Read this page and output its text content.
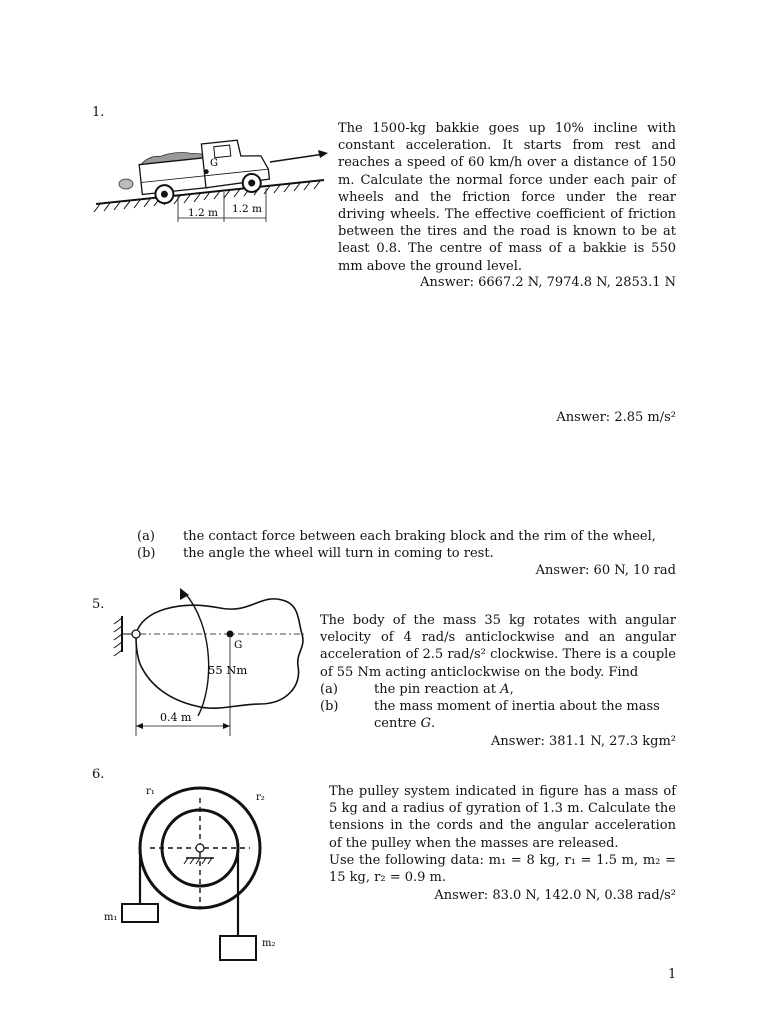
1.
G
1.2 m 1.2 m
The 1500-kg bakkie goes up 10% incline with constant acceleration. It starts from rest and reaches a speed of 60 km/h over a distance of 150 m. Calculate the normal force under each pair of wheels and the friction force under the rear driving wheels. The effective coefficient of friction between the tires and the road is known to be at least 0.8. The centre of mass of a bakkie is 550 mm above the ground level.
Answer: 6667.2 N, 7974.8 N, 2853.1 N
Answer: 2.85 m/s²
(a)	the contact force between each braking block and the rim of the wheel,
(b)	the angle the wheel will turn in coming to rest.
Answer: 60 N, 10 rad
5.
G
55 Nm
0.4 m
The body of the mass 35 kg rotates with angular velocity of 4 rad/s anticlockwise and an angular acceleration of 2.5 rad/s² clockwise. There is a couple of 55 Nm acting anticlockwise on the body. Find
(a)	the pin reaction at A,
(b)	the mass moment of inertia about the mass centre G.
Answer: 381.1 N, 27.3 kgm²
6.
r₁
r₂
m₁
m₂
The pulley system indicated in figure has a mass of 5 kg and a radius of gyration of 1.3 m. Calculate the tensions in the cords and the angular acceleration of the pulley when the masses are released.
Use the following data: m₁ = 8 kg, r₁ = 1.5 m, m₂ = 15 kg, r₂ = 0.9 m.
Answer: 83.0 N, 142.0 N, 0.38 rad/s²
1
